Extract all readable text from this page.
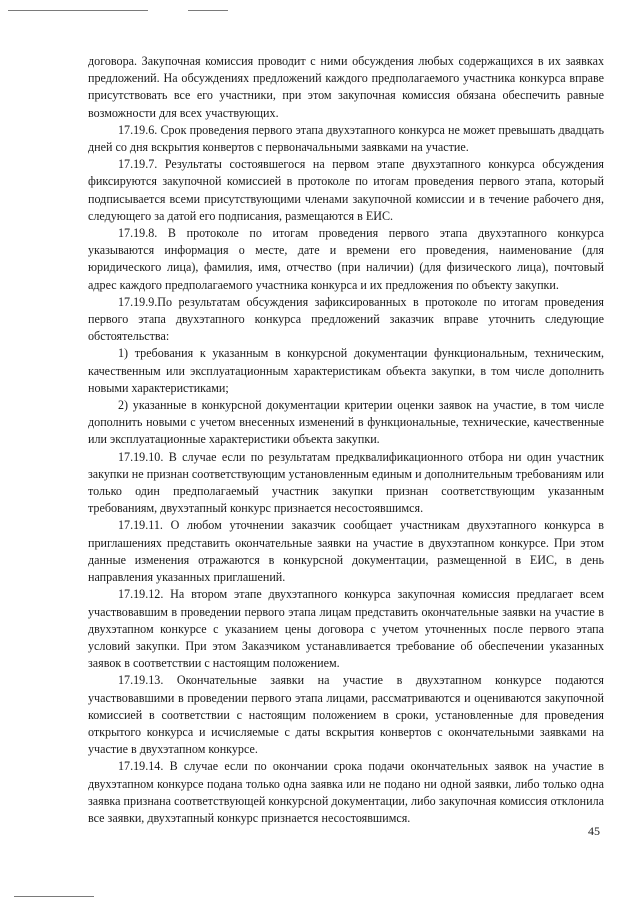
договора. Закупочная комиссия проводит с ними обсуждения любых содержащихся в их заявках предложений. На обсуждениях предложений каждого предполагаемого участника конкурса вправе присутствовать все его участники, при этом закупочная комиссия обязана обеспечить равные возможности для всех участвующих.

17.19.6. Срок проведения первого этапа двухэтапного конкурса не может превышать двадцать дней со дня вскрытия конвертов с первоначальными заявками на участие.

17.19.7. Результаты состоявшегося на первом этапе двухэтапного конкурса обсуждения фиксируются закупочной комиссией в протоколе по итогам проведения первого этапа, который подписывается всеми присутствующими членами закупочной комиссии и в течение рабочего дня, следующего за датой его подписания, размещаются в ЕИС.

17.19.8. В протоколе по итогам проведения первого этапа двухэтапного конкурса указываются информация о месте, дате и времени его проведения, наименование (для юридического лица), фамилия, имя, отчество (при наличии) (для физического лица), почтовый адрес каждого предполагаемого участника конкурса и их предложения по объекту закупки.

17.19.9.По результатам обсуждения зафиксированных в протоколе по итогам проведения первого этапа двухэтапного конкурса предложений заказчик вправе уточнить следующие обстоятельства:

1) требования к указанным в конкурсной документации функциональным, техническим, качественным или эксплуатационным характеристикам объекта закупки, в том числе дополнить новыми характеристиками;

2) указанные в конкурсной документации критерии оценки заявок на участие, в том числе дополнить новыми с учетом внесенных изменений в функциональные, технические, качественные или эксплуатационные характеристики объекта закупки.

17.19.10. В случае если по результатам предквалификационного отбора ни один участник закупки не признан соответствующим установленным единым и дополнительным требованиям или только один предполагаемый участник закупки признан соответствующим указанным требованиям, двухэтапный конкурс признается несостоявшимся.

17.19.11. О любом уточнении заказчик сообщает участникам двухэтапного конкурса в приглашениях представить окончательные заявки на участие в двухэтапном конкурсе. При этом данные изменения отражаются в конкурсной документации, размещенной в ЕИС, в день направления указанных приглашений.

17.19.12. На втором этапе двухэтапного конкурса закупочная комиссия предлагает всем участвовавшим в проведении первого этапа лицам представить окончательные заявки на участие в двухэтапном конкурсе с указанием цены договора с учетом уточненных после первого этапа условий закупки. При этом Заказчиком устанавливается требование об обеспечении указанных заявок в соответствии с настоящим положением.

17.19.13. Окончательные заявки на участие в двухэтапном конкурсе подаются участвовавшими в проведении первого этапа лицами, рассматриваются и оцениваются закупочной комиссией в соответствии с настоящим положением в сроки, установленные для проведения открытого конкурса и исчисляемые с даты вскрытия конвертов с окончательными заявками на участие в двухэтапном конкурсе.

17.19.14. В случае если по окончании срока подачи окончательных заявок на участие в двухэтапном конкурсе подана только одна заявка или не подано ни одной заявки, либо только одна заявка признана соответствующей конкурсной документации, либо закупочная комиссия отклонила все заявки, двухэтапный конкурс признается несостоявшимся.

45
